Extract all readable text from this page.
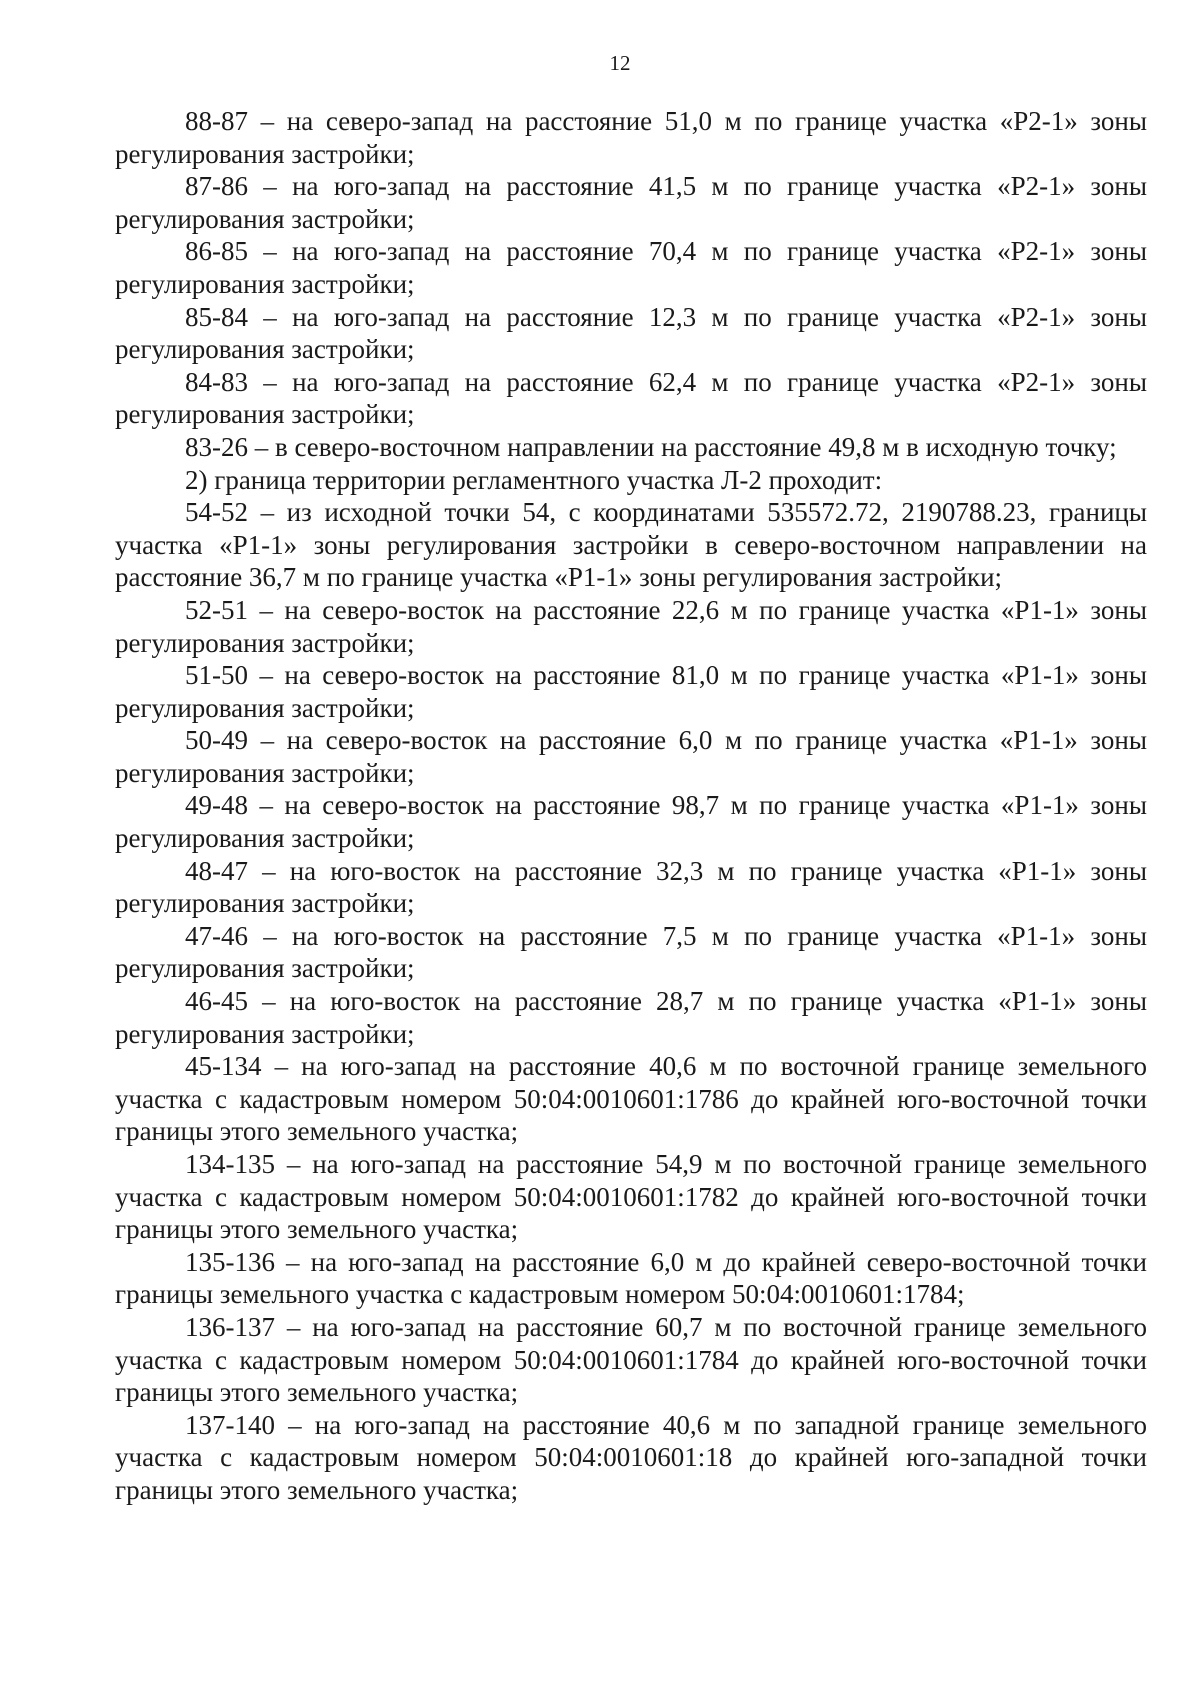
12

88-87 – на северо-запад на расстояние 51,0 м по границе участка «Р2-1» зоны регулирования застройки;

87-86 – на юго-запад на расстояние 41,5 м по границе участка «Р2-1» зоны регулирования застройки;

86-85 – на юго-запад на расстояние 70,4 м по границе участка «Р2-1» зоны регулирования застройки;

85-84 – на юго-запад на расстояние 12,3 м по границе участка «Р2-1» зоны регулирования застройки;

84-83 – на юго-запад на расстояние 62,4 м по границе участка «Р2-1» зоны регулирования застройки;

83-26 – в северо-восточном направлении на расстояние 49,8 м в исходную точку;

2) граница территории регламентного участка Л-2 проходит:

54-52 – из исходной точки 54, с координатами 535572.72, 2190788.23, границы участка «Р1-1» зоны регулирования застройки в северо-восточном направлении на расстояние 36,7 м по границе участка «Р1-1» зоны регулирования застройки;

52-51 – на северо-восток на расстояние 22,6 м по границе участка «Р1-1» зоны регулирования застройки;

51-50 – на северо-восток на расстояние 81,0 м по границе участка «Р1-1» зоны регулирования застройки;

50-49 – на северо-восток на расстояние 6,0 м по границе участка «Р1-1» зоны регулирования застройки;

49-48 – на северо-восток на расстояние 98,7 м по границе участка «Р1-1» зоны регулирования застройки;

48-47 – на юго-восток на расстояние 32,3 м по границе участка «Р1-1» зоны регулирования застройки;

47-46 – на юго-восток на расстояние 7,5 м по границе участка «Р1-1» зоны регулирования застройки;

46-45 – на юго-восток на расстояние 28,7 м по границе участка «Р1-1» зоны регулирования застройки;

45-134 – на юго-запад на расстояние 40,6 м по восточной границе земельного участка с кадастровым номером 50:04:0010601:1786 до крайней юго-восточной точки границы этого земельного участка;

134-135 – на юго-запад на расстояние 54,9 м по восточной границе земельного участка с кадастровым номером 50:04:0010601:1782 до крайней юго-восточной точки границы этого земельного участка;

135-136 – на юго-запад на расстояние 6,0 м до крайней северо-восточной точки границы земельного участка с кадастровым номером 50:04:0010601:1784;

136-137 – на юго-запад на расстояние 60,7 м по восточной границе земельного участка с кадастровым номером 50:04:0010601:1784 до крайней юго-восточной точки границы этого земельного участка;

137-140 – на юго-запад на расстояние 40,6 м по западной границе земельного участка с кадастровым номером 50:04:0010601:18 до крайней юго-западной точки границы этого земельного участка;
